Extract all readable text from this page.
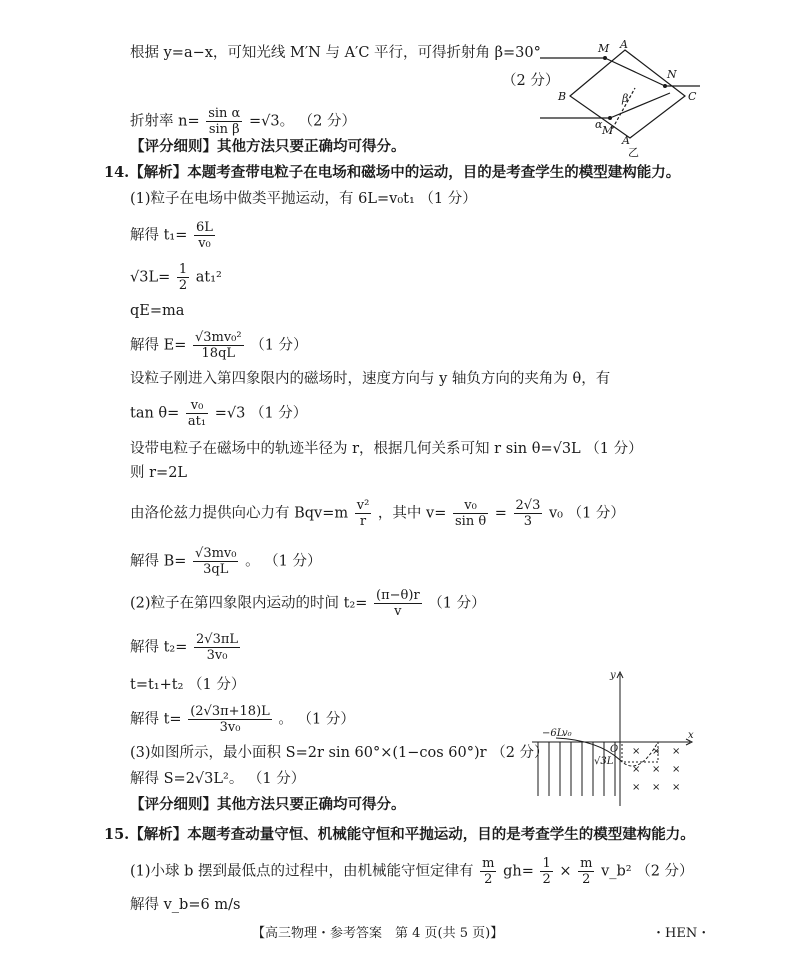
根据 y=a−x，可知光线 M′N 与 A′C 平行，可得折射角 β=30°
（2 分）
折射率 $n= \frac{\text{sin α}}{\text{sin β}} =√3$。 （2 分）
【评分细则】其他方法只要正确均可得分。
14.【解析】本题考查带电粒子在电场和磁场中的运动，目的是考查学生的模型建构能力。
(1)粒子在电场中做类平抛运动，有 6L=v₀t₁ （1 分）
解得 $t_1= \frac{6L}{\text{v₀}}$
$√3L= \frac{1}{2} at_1^2$
qE=ma
解得 $E= \frac{\text{√3mv₀²}}{18qL} (1$ 分）
设粒子刚进入第四象限内的磁场时，速度方向与 y 轴负方向的夹角为 θ，有
$\tan \theta= \frac{\text{v₀}}{\text{at₁}} =√3$ （1 分）
设带电粒子在磁场中的轨迹半径为 r，根据几何关系可知 r sin θ=√3L （1 分）
则 r=2L
由洛伦兹力提供向心力有 $Bqv=m \frac{\text{v²}}{r}$ ，其中 $v= \frac{\text{v₀}}{\text{sin θ}} = \frac{2√3}{3} v_0$ （1 分）
解得 $B= \frac{\text{√3mv₀}}{3qL}$ 。 （1 分）
(2)粒子在第四象限内运动的时间 $t_2= \frac{(\pi-\theta)r}{v} (1$ 分）
解得 $t_2= \frac{2√3\pi L}{\text{3v₀}}$
t=t₁+t₂ （1 分）
解得 $t= \frac{(2√3\pi+18)L}{\text{3v₀}}$ 。 （1 分）
(3)如图所示，最小面积 S=2r sin 60°×(1−cos 60°)r （2 分）
解得 S=2√3L²。 （1 分）
【评分细则】其他方法只要正确均可得分。
15.【解析】本题考查动量守恒、机械能守恒和平抛运动，目的是考查学生的模型建构能力。
(1)小球 b 摆到最低点的过程中，由机械能守恒定律有 $\frac{m}{2} gh= \frac{1}{2} \times \frac{m}{2}$ v_b² （2 分）
解得 v_b=6 m/s
A
M
N
B	C
α
β
M
A′
乙
× × ×
× × ×
× × ×
y
x
O
−6L
v₀
√3L
【高三物理・参考答案　第 4 页(共 5 页)】	・HEN・
